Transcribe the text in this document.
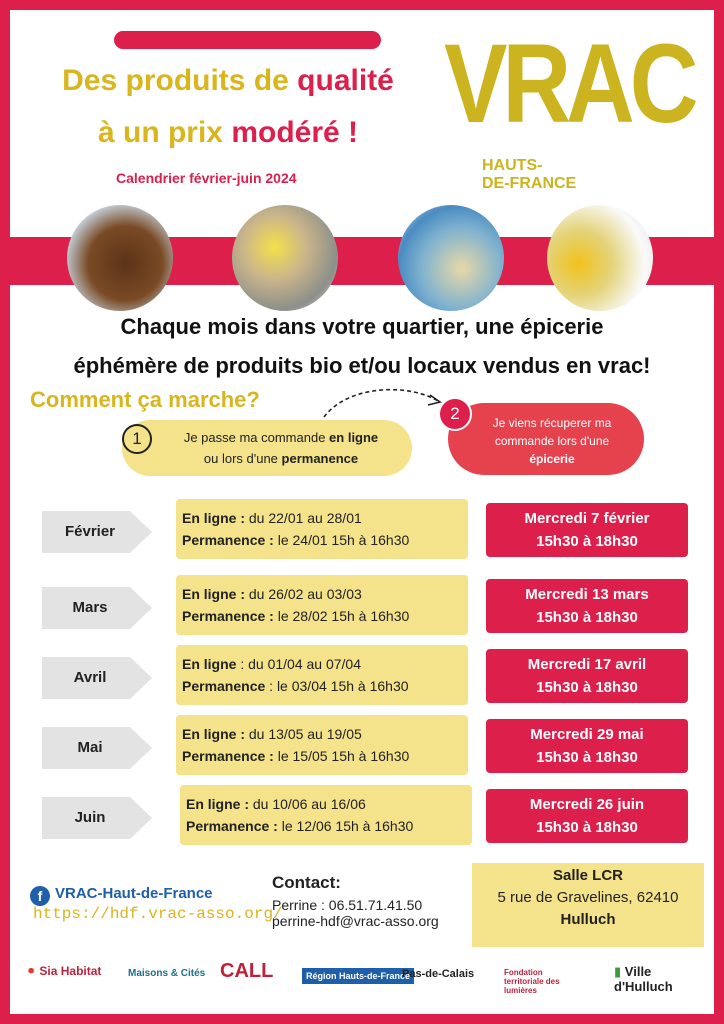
Des produits de qualité
à un prix modéré !
Calendrier février-juin 2024
VRAC
HAUTS-
DE-FRANCE
Chaque mois dans votre quartier, une épicerie
éphémère de produits bio et/ou locaux vendus en vrac!
Comment ça marche?
1	Je passe ma commande en ligne
ou lors d'une permanence
2	Je viens récuperer ma
commande lors d'une
épicerie
Février
En ligne : du 22/01 au 28/01
Permanence : le 24/01 15h à 16h30
Mercredi 7 février
15h30 à 18h30
Mars
En ligne : du 26/02 au 03/03
Permanence : le 28/02 15h à 16h30
Mercredi 13 mars
15h30 à 18h30
Avril
En ligne : du 01/04 au 07/04
Permanence : le 03/04 15h à 16h30
Mercredi 17 avril
15h30 à 18h30
Mai
En ligne : du 13/05 au 19/05
Permanence : le 15/05 15h à 16h30
Mercredi 29 mai
15h30 à 18h30
Juin
En ligne : du 10/06 au 16/06
Permanence : le 12/06 15h à 16h30
Mercredi 26 juin
15h30 à 18h30
f VRAC-Haut-de-France
https://hdf.vrac-asso.org/
Contact:
Perrine : 06.51.71.41.50
perrine-hdf@vrac-asso.org
Salle LCR
5 rue de Gravelines, 62410
Hulluch
⚫ Sia Habitat	Maisons & Cités CALL	Région Hauts-de-France
Pas-de-Calais	Fondation territoriale des lumières
▮ Ville d'Hulluch
